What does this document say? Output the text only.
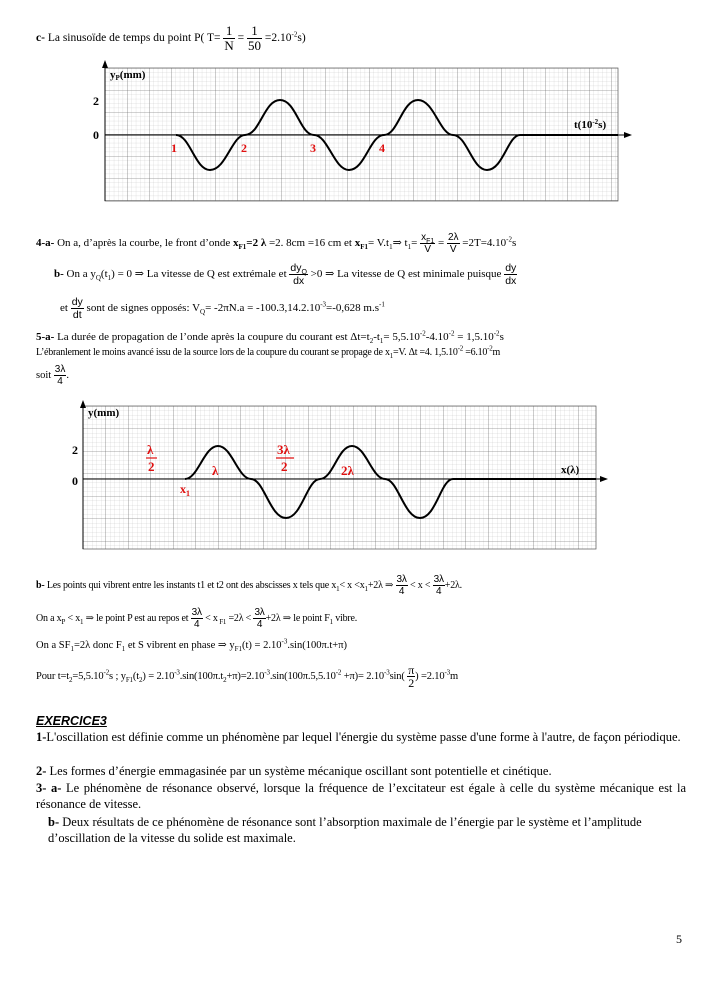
c- La sinusoïde de temps du point P( $T= \frac{1}{N} = \frac{1}{50} =2.10^{-2}s$)
yP(mm)
2
0
$t(10^{-2}s)$
1	2	3	4
4-a- On a, d’après la courbe, le front d’onde $x_{F1}=2$ λ =2. 8cm =16 cm et $x_{F1}=$ $V.t_1\Rightarrow$ $t_1= \frac{x_{F1}}{V} = \frac{2\lambda}{V} =2T=4.10^{-2}s$
b- On a $y_Q(t_1) = 0$ ⇒ La vitesse de Q est extrémale et $\frac{dy_Q}{dx} >0$ ⇒ La vitesse de Q est minimale puisque $\frac{dy}{dx}$
et $\frac{dy}{dt}$ sont de signes opposés: $V_Q= -2\pi N.a = -100.3,14.2.10^{-3}=-0,628$ $m.s^{-1}$
5-a- La durée de propagation de l’onde après la coupure du courant est $\Delta t=t_2-t_1= 5,5.10^{-2}-4.10^{-2} = 1,5.10^{-2}s$
L’ébranlement le moins avancé issu de la source lors de la coupure du courant se propage de $x_1=V$. Δt =4. $1,5.10^{-2} =6.10^{-2}m$
soit $\frac{3\lambda}{4}$ .
y(mm)
2
0
x(λ)
λ
2
$x_1$
λ
3λ
2	2λ
b- Les points qui vibrent entre les instants t1 et t2 ont des abscisses x tels que $x_1< x <x_1+2\lambda$ ⇒ $\frac{3\lambda}{4} < x < \frac{3\lambda}{4} +2\lambda$.
On a $x_P < x_1$ ⇒ le point P est au repos et $\frac{3\lambda}{4} < x$ $_{F1} =2\lambda < \frac{3\lambda}{4} +2\lambda$ ⇒ le point $F_1$ vibre.
On a $SF_1=2\lambda$ donc $F_1$ et S vibrent en phase ⇒ $y_{F1}(t) = 2.10^{-3}.\sin(100\pi.t+\pi)$
Pour $t=t_2=5,5.10^{-2}s$ ; $y_{F1}(t_2) = 2.10^{-3}.\sin(100\pi.t_2+\pi)=2.10^{-3}.\sin(100\pi.5,5.10^{-2} +\pi)= 2.10^{-3}\sin( \frac{\pi}{2}$ ) $=2.10^{-3}m$
EXERCICE3
1-L'oscillation est définie comme un phénomène par lequel l'énergie du système passe d'une forme à l'autre, de façon périodique.
2- Les formes d’énergie emmagasinée par un système mécanique oscillant sont potentielle et cinétique.
3- a- Le phénomène de résonance observé, lorsque la fréquence de l’excitateur est égale à celle du système mécanique est la résonance de vitesse.
b- Deux résultats de ce phénomène de résonance sont l’absorption maximale de l’énergie par le système et l’amplitude d’oscillation de la vitesse du solide est maximale.
5
